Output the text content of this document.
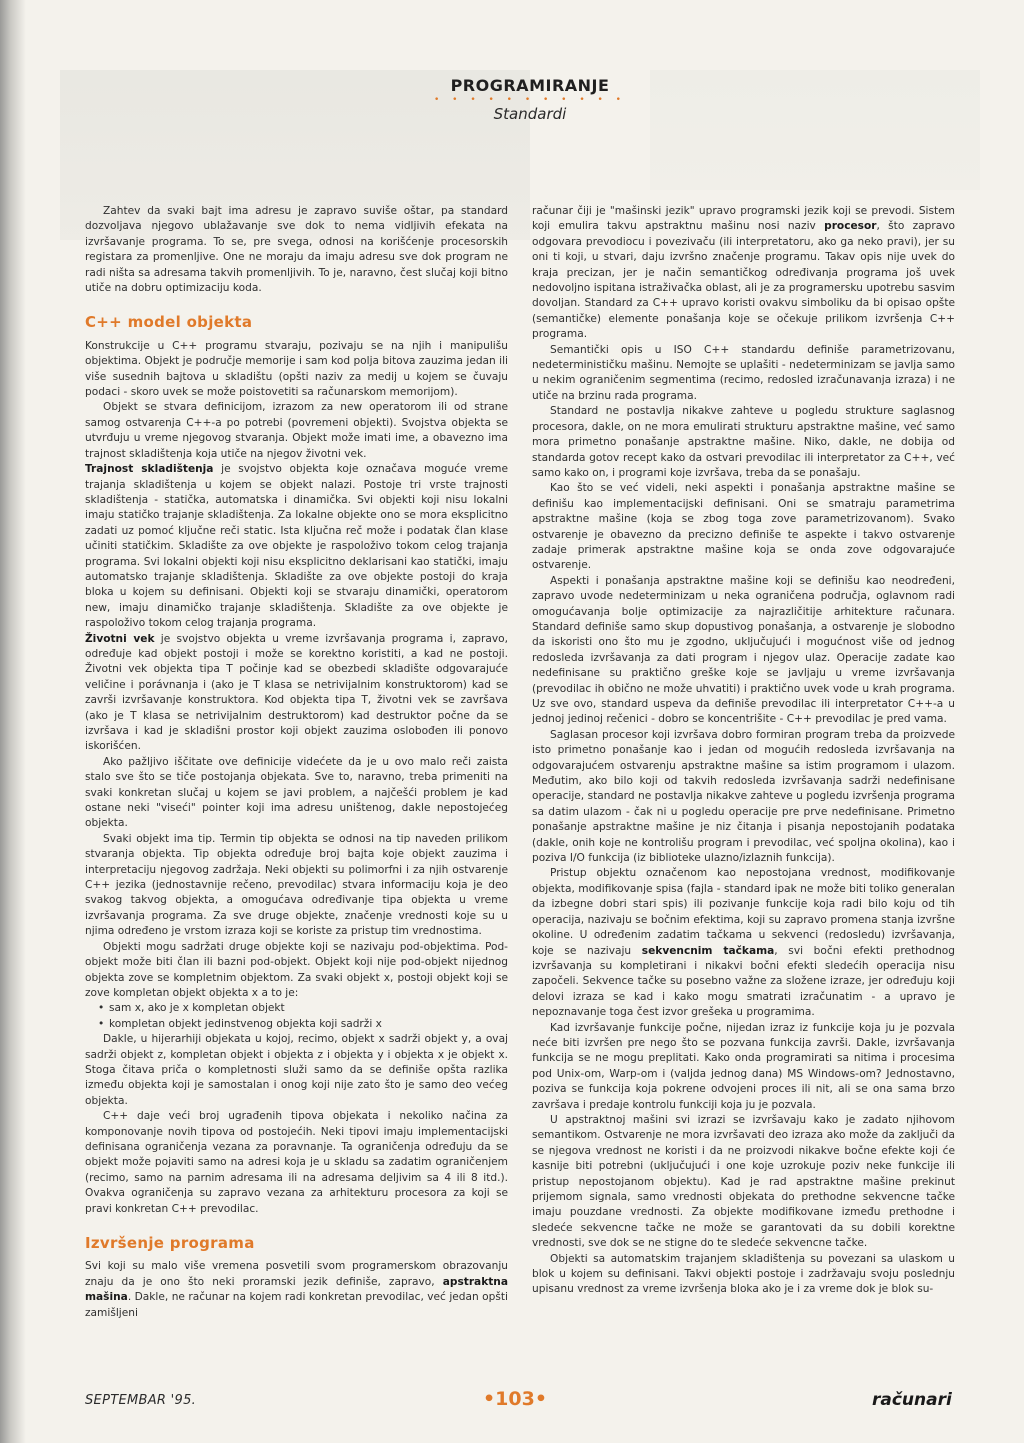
PROGRAMIRANJE
• • • • • • • • • • •
Standardi

Zahtev da svaki bajt ima adresu je zapravo suviše oštar, pa standard dozvoljava njegovo ublažavanje sve dok to nema vidljivih efekata na izvršavanje programa. To se, pre svega, odnosi na korišćenje procesorskih registara za promenljive. One ne moraju da imaju adresu sve dok program ne radi ništa sa adresama takvih promenljivih. To je, naravno, čest slučaj koji bitno utiče na dobru optimizaciju koda.

C++ model objekta

Konstrukcije u C++ programu stvaraju, pozivaju se na njih i manipulišu objektima. Objekt je područje memorije i sam kod polja bitova zauzima jedan ili više susednih bajtova u skladištu (opšti naziv za medij u kojem se čuvaju podaci - skoro uvek se može poistovetiti sa računarskom memorijom).

Objekt se stvara definicijom, izrazom za new operatorom ili od strane samog ostvarenja C++-a po potrebi (povremeni objekti). Svojstva objekta se utvrđuju u vreme njegovog stvaranja. Objekt može imati ime, a obavezno ima trajnost skladištenja koja utiče na njegov životni vek.

Trajnost skladištenja je svojstvo objekta koje označava moguće vreme trajanja skladištenja u kojem se objekt nalazi. Postoje tri vrste trajnosti skladištenja - statička, automatska i dinamička. Svi objekti koji nisu lokalni imaju statičko trajanje skladištenja. Za lokalne objekte ono se mora eksplicitno zadati uz pomoć ključne reči static. Ista ključna reč može i podatak član klase učiniti statičkim. Skladište za ove objekte je raspoloživo tokom celog trajanja programa. Svi lokalni objekti koji nisu eksplicitno deklarisani kao statički, imaju automatsko trajanje skladištenja. Skladište za ove objekte postoji do kraja bloka u kojem su definisani. Objekti koji se stvaraju dinamički, operatorom new, imaju dinamičko trajanje skladištenja. Skladište za ove objekte je raspoloživo tokom celog trajanja programa.

Životni vek je svojstvo objekta u vreme izvršavanja programa i, zapravo, određuje kad objekt postoji i može se korektno koristiti, a kad ne postoji. Životni vek objekta tipa T počinje kad se obezbedi skladište odgovarajuće veličine i porávnanja i (ako je T klasa se netrivijalnim konstruktorom) kad se završi izvršavanje konstruktora. Kod objekta tipa T, životni vek se završava (ako je T klasa se netrivijalnim destruktorom) kad destruktor počne da se izvršava i kad je skladišni prostor koji objekt zauzima oslobođen ili ponovo iskorišćen.

Ako pažljivo iščitate ove definicije videćete da je u ovo malo reči zaista stalo sve što se tiče postojanja objekata. Sve to, naravno, treba primeniti na svaki konkretan slučaj u kojem se javi problem, a najčešći problem je kad ostane neki "viseći" pointer koji ima adresu uništenog, dakle nepostojećeg objekta.

Svaki objekt ima tip. Termin tip objekta se odnosi na tip naveden prilikom stvaranja objekta. Tip objekta određuje broj bajta koje objekt zauzima i interpretaciju njegovog zadržaja. Neki objekti su polimorfni i za njih ostvarenje C++ jezika (jednostavnije rečeno, prevodilac) stvara informaciju koja je deo svakog takvog objekta, a omogućava određivanje tipa objekta u vreme izvršavanja programa. Za sve druge objekte, značenje vrednosti koje su u njima određeno je vrstom izraza koji se koriste za pristup tim vrednostima.

Objekti mogu sadržati druge objekte koji se nazivaju pod-objektima. Pod-objekt može biti član ili bazni pod-objekt. Objekt koji nije pod-objekt nijednog objekta zove se kompletnim objektom. Za svaki objekt x, postoji objekt koji se zove kompletan objekt objekta x a to je:

• sam x, ako je x kompletan objekt
• kompletan objekt jedinstvenog objekta koji sadrži x

Dakle, u hijerarhiji objekata u kojoj, recimo, objekt x sadrži objekt y, a ovaj sadrži objekt z, kompletan objekt i objekta z i objekta y i objekta x je objekt x. Stoga čitava priča o kompletnosti služi samo da se definiše opšta razlika između objekta koji je samostalan i onog koji nije zato što je samo deo većeg objekta.

C++ daje veći broj ugrađenih tipova objekata i nekoliko načina za komponovanje novih tipova od postojećih. Neki tipovi imaju implementacijski definisana ograničenja vezana za poravnanje. Ta ograničenja određuju da se objekt može pojaviti samo na adresi koja je u skladu sa zadatim ograničenjem (recimo, samo na parnim adresama ili na adresama deljivim sa 4 ili 8 itd.). Ovakva ograničenja su zapravo vezana za arhitekturu procesora za koji se pravi konkretan C++ prevodilac.

Izvršenje programa

Svi koji su malo više vremena posvetili svom programerskom obrazovanju znaju da je ono što neki proramski jezik definiše, zapravo, apstraktna mašina. Dakle, ne računar na kojem radi konkretan prevodilac, već jedan opšti zamišljeni

računar čiji je "mašinski jezik" upravo programski jezik koji se prevodi. Sistem koji emulira takvu apstraktnu mašinu nosi naziv procesor, što zapravo odgovara prevodiocu i povezivaču (ili interpretatoru, ako ga neko pravi), jer su oni ti koji, u stvari, daju izvršno značenje programu. Takav opis nije uvek do kraja precizan, jer je način semantičkog određivanja programa još uvek nedovoljno ispitana istraživačka oblast, ali je za programersku upotrebu sasvim dovoljan. Standard za C++ upravo koristi ovakvu simboliku da bi opisao opšte (semantičke) elemente ponašanja koje se očekuje prilikom izvršenja C++ programa.

Semantički opis u ISO C++ standardu definiše parametrizovanu, nedeterminističku mašinu. Nemojte se uplašiti - nedeterminizam se javlja samo u nekim ograničenim segmentima (recimo, redosled izračunavanja izraza) i ne utiče na brzinu rada programa.

Standard ne postavlja nikakve zahteve u pogledu strukture saglasnog procesora, dakle, on ne mora emulirati strukturu apstraktne mašine, već samo mora primetno ponašanje apstraktne mašine. Niko, dakle, ne dobija od standarda gotov recept kako da ostvari prevodilac ili interpretator za C++, već samo kako on, i programi koje izvršava, treba da se ponašaju.

Kao što se već videli, neki aspekti i ponašanja apstraktne mašine se definišu kao implementacijski definisani. Oni se smatraju parametrima apstraktne mašine (koja se zbog toga zove parametrizovanom). Svako ostvarenje je obavezno da precizno definiše te aspekte i takvo ostvarenje zadaje primerak apstraktne mašine koja se onda zove odgovarajuće ostvarenje.

Aspekti i ponašanja apstraktne mašine koji se definišu kao neodređeni, zapravo uvode nedeterminizam u neka ograničena područja, oglavnom radi omogućavanja bolje optimizacije za najrazličitije arhitekture računara. Standard definiše samo skup dopustivog ponašanja, a ostvarenje je slobodno da iskoristi ono što mu je zgodno, uključujući i mogućnost više od jednog redosleda izvršavanja za dati program i njegov ulaz. Operacije zadate kao nedefinisane su praktično greške koje se javljaju u vreme izvršavanja (prevodilac ih obično ne može uhvatiti) i praktično uvek vode u krah programa. Uz sve ovo, standard uspeva da definiše prevodilac ili interpretator C++-a u jednoj jedinoj rečenici - dobro se koncentrišite - C++ prevodilac je pred vama.

Saglasan procesor koji izvršava dobro formiran program treba da proizvede isto primetno ponašanje kao i jedan od mogućih redosleda izvršavanja na odgovarajućem ostvarenju apstraktne mašine sa istim programom i ulazom. Međutim, ako bilo koji od takvih redosleda izvršavanja sadrži nedefinisane operacije, standard ne postavlja nikakve zahteve u pogledu izvršenja programa sa datim ulazom - čak ni u pogledu operacije pre prve nedefinisane. Primetno ponašanje apstraktne mašine je niz čitanja i pisanja nepostojanih podataka (dakle, onih koje ne kontrolišu program i prevodilac, već spoljna okolina), kao i poziva I/O funkcija (iz biblioteke ulazno/izlaznih funkcija).

Pristup objektu označenom kao nepostojana vrednost, modifikovanje objekta, modifikovanje spisa (fajla - standard ipak ne može biti toliko generalan da izbegne dobri stari spis) ili pozivanje funkcije koja radi bilo koju od tih operacija, nazivaju se bočnim efektima, koji su zapravo promena stanja izvršne okoline. U određenim zadatim tačkama u sekvenci (redosledu) izvršavanja, koje se nazivaju sekvencnim tačkama, svi bočni efekti prethodnog izvršavanja su kompletirani i nikakvi bočni efekti sledećih operacija nisu započeli. Sekvence tačke su posebno važne za složene izraze, jer određuju koji delovi izraza se kad i kako mogu smatrati izračunatim - a upravo je nepoznavanje toga čest izvor grešeka u programima.

Kad izvršavanje funkcije počne, nijedan izraz iz funkcije koja ju je pozvala neće biti izvršen pre nego što se pozvana funkcija završi. Dakle, izvršavanja funkcija se ne mogu preplitati. Kako onda programirati sa nitima i procesima pod Unix-om, Warp-om i (valjda jednog dana) MS Windows-om? Jednostavno, poziva se funkcija koja pokrene odvojeni proces ili nit, ali se ona sama brzo završava i predaje kontrolu funkciji koja ju je pozvala.

U apstraktnoj mašini svi izrazi se izvršavaju kako je zadato njihovom semantikom. Ostvarenje ne mora izvršavati deo izraza ako može da zaključi da se njegova vrednost ne koristi i da ne proizvodi nikakve bočne efekte koji će kasnije biti potrebni (uključujući i one koje uzrokuje poziv neke funkcije ili pristup nepostojanom objektu). Kad je rad apstraktne mašine prekinut prijemom signala, samo vrednosti objekata do prethodne sekvencne tačke imaju pouzdane vrednosti. Za objekte modifikovane između prethodne i sledeće sekvencne tačke ne može se garantovati da su dobili korektne vrednosti, sve dok se ne stigne do te sledeće sekvencne tačke.

Objekti sa automatskim trajanjem skladištenja su povezani sa ulaskom u blok u kojem su definisani. Takvi objekti postoje i zadržavaju svoju poslednju upisanu vrednost za vreme izvršenja bloka ako je i za vreme dok je blok su-

SEPTEMBAR '95.	•103•	računari
